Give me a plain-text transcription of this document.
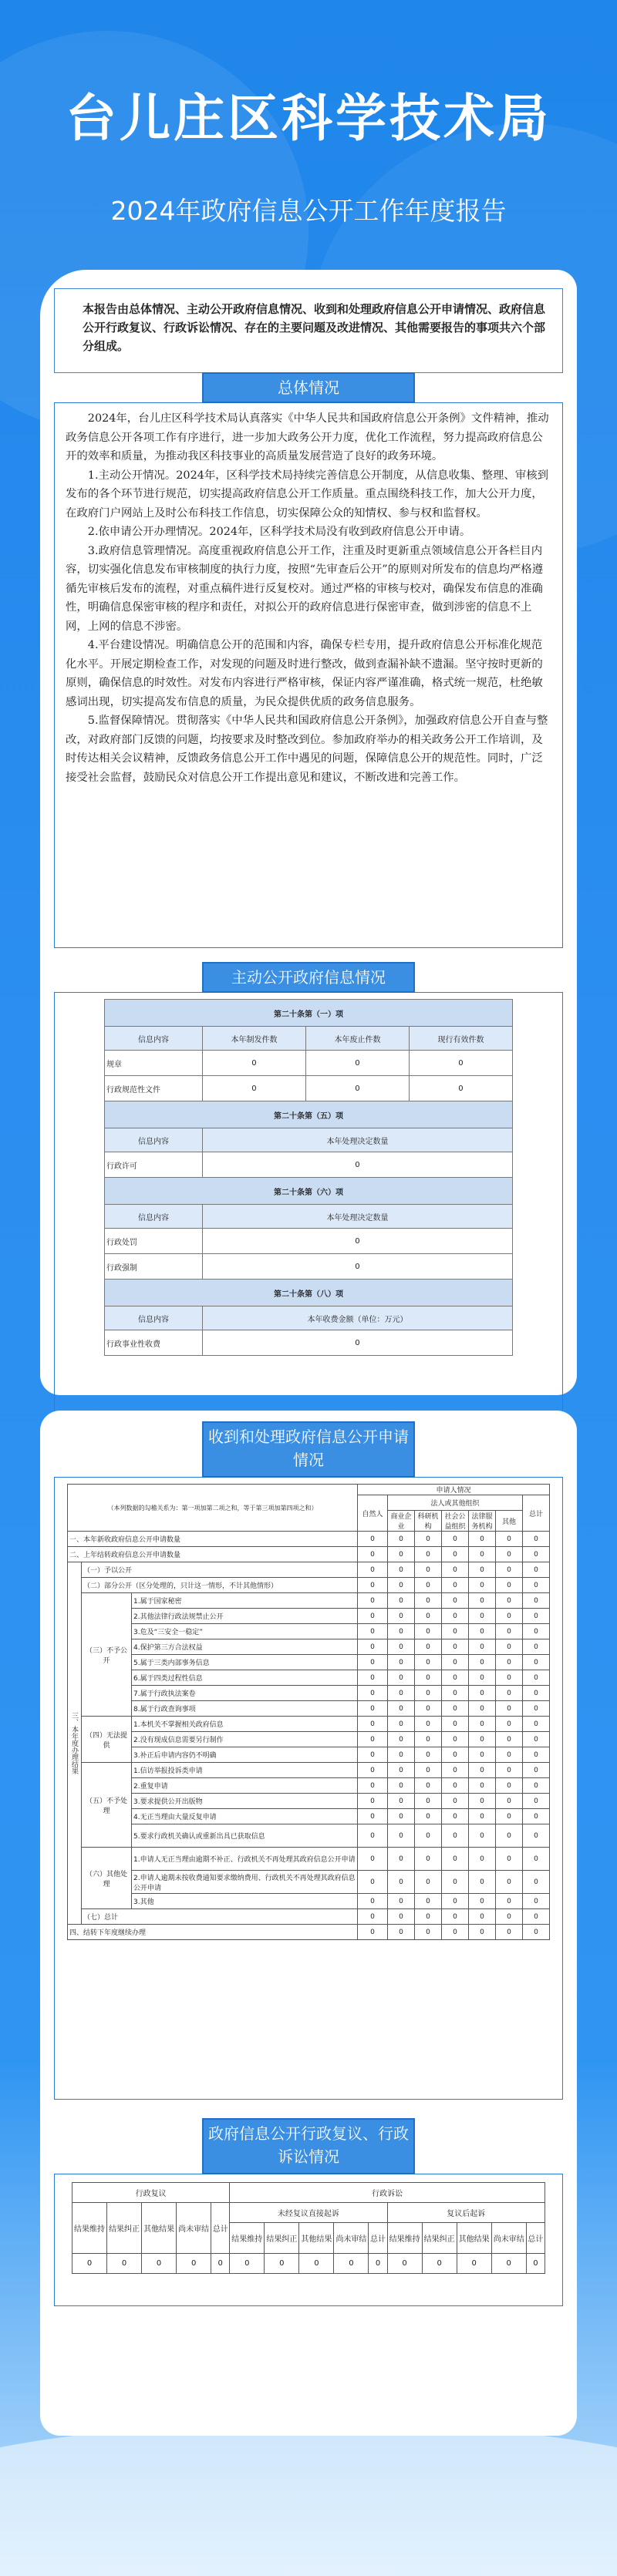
台儿庄区科学技术局
2024年政府信息公开工作年度报告
本报告由总体情况、主动公开政府信息情况、收到和处理政府信息公开申请情况、政府信息公开行政复议、行政诉讼情况、存在的主要问题及改进情况、其他需要报告的事项共六个部分组成。
总体情况

2024年，台儿庄区科学技术局认真落实《中华人民共和国政府信息公开条例》文件精神，推动政务信息公开各项工作有序进行，进一步加大政务公开力度，优化工作流程，努力提高政府信息公开的效率和质量，为推动我区科技事业的高质量发展营造了良好的政务环境。

1.主动公开情况。2024年，区科学技术局持续完善信息公开制度，从信息收集、整理、审核到发布的各个环节进行规范，切实提高政府信息公开工作质量。重点围绕科技工作，加大公开力度，在政府门户网站上及时公布科技工作信息，切实保障公众的知情权、参与权和监督权。

2.依申请公开办理情况。2024年，区科学技术局没有收到政府信息公开申请。

3.政府信息管理情况。高度重视政府信息公开工作，注重及时更新重点领域信息公开各栏目内容，切实强化信息发布审核制度的执行力度，按照“先审查后公开”的原则对所发布的信息均严格遵循先审核后发布的流程，对重点稿件进行反复校对。通过严格的审核与校对，确保发布信息的准确性，明确信息保密审核的程序和责任，对拟公开的政府信息进行保密审查，做到涉密的信息不上网，上网的信息不涉密。

4.平台建设情况。明确信息公开的范围和内容，确保专栏专用，提升政府信息公开标准化规范化水平。开展定期检查工作，对发现的问题及时进行整改，做到查漏补缺不遗漏。坚守按时更新的原则，确保信息的时效性。对发布内容进行严格审核，保证内容严谨准确，格式统一规范，杜绝敏感词出现，切实提高发布信息的质量，为民众提供优质的政务信息服务。

5.监督保障情况。贯彻落实《中华人民共和国政府信息公开条例》，加强政府信息公开自查与整改，对政府部门反馈的问题，均按要求及时整改到位。参加政府举办的相关政务公开工作培训，及时传达相关会议精神，反馈政务信息公开工作中遇见的问题，保障信息公开的规范性。同时，广泛接受社会监督，鼓励民众对信息公开工作提出意见和建议，不断改进和完善工作。

主动公开政府信息情况
第二十条第（一）项			
信息内容	本年制发件数	本年废止件数	现行有效件数
规章	0	0	0
行政规范性文件	0	0	0
第二十条第（五）项			
信息内容	本年处理决定数量		
行政许可	0		
第二十条第（六）项			
信息内容	本年处理决定数量		
行政处罚	0		
行政强制	0		
第二十条第（八）项			
信息内容	本年收费金额（单位：万元）		
行政事业性收费	0		
收到和处理政府信息公开申请情况
（本列数据的勾稽关系为：第一项加第二项之和，等于第三项加第四项之和）			申请人情况						
			自然人	法人或其他组织					总计
				商业企业	科研机构	社会公益组织	法律服务机构	其他	
一、本年新收政府信息公开申请数量			0	0	0	0	0	0	0
二、上年结转政府信息公开申请数量			0	0	0	0	0	0	0
三、本年度办理结果	（一）予以公开		0	0	0	0	0	0	0
	（二）部分公开（区分处理的，只计这一情形，不计其他情形）		0	0	0	0	0	0	0
	（三）不予公开	1.属于国家秘密	0	0	0	0	0	0	0
		2.其他法律行政法规禁止公开	0	0	0	0	0	0	0
		3.危及“三安全一稳定”	0	0	0	0	0	0	0
		4.保护第三方合法权益	0	0	0	0	0	0	0
		5.属于三类内部事务信息	0	0	0	0	0	0	0
		6.属于四类过程性信息	0	0	0	0	0	0	0
		7.属于行政执法案卷	0	0	0	0	0	0	0
		8.属于行政查询事项	0	0	0	0	0	0	0
	（四）无法提供	1.本机关不掌握相关政府信息	0	0	0	0	0	0	0
		2.没有现成信息需要另行制作	0	0	0	0	0	0	0
		3.补正后申请内容仍不明确	0	0	0	0	0	0	0
	（五）不予处理	1.信访举报投诉类申请	0	0	0	0	0	0	0
		2.重复申请	0	0	0	0	0	0	0
		3.要求提供公开出版物	0	0	0	0	0	0	0
		4.无正当理由大量反复申请	0	0	0	0	0	0	0
		5.要求行政机关确认或重新出具已获取信息	0	0	0	0	0	0	0
	（六）其他处理	1.申请人无正当理由逾期不补正、行政机关不再处理其政府信息公开申请	0	0	0	0	0	0	0
		2.申请人逾期未按收费通知要求缴纳费用、行政机关不再处理其政府信息公开申请	0	0	0	0	0	0	0
		3.其他	0	0	0	0	0	0	0
	（七）总计		0	0	0	0	0	0	0
四、结转下年度继续办理			0	0	0	0	0	0	0
政府信息公开行政复议、行政诉讼情况
行政复议					行政诉讼									
结果维持	结果纠正	其他结果	尚未审结	总计	未经复议直接起诉					复议后起诉				
					结果维持	结果纠正	其他结果	尚未审结	总计	结果维持	结果纠正	其他结果	尚未审结	总计
0	0	0	0	0	0	0	0	0	0	0	0	0	0	0
